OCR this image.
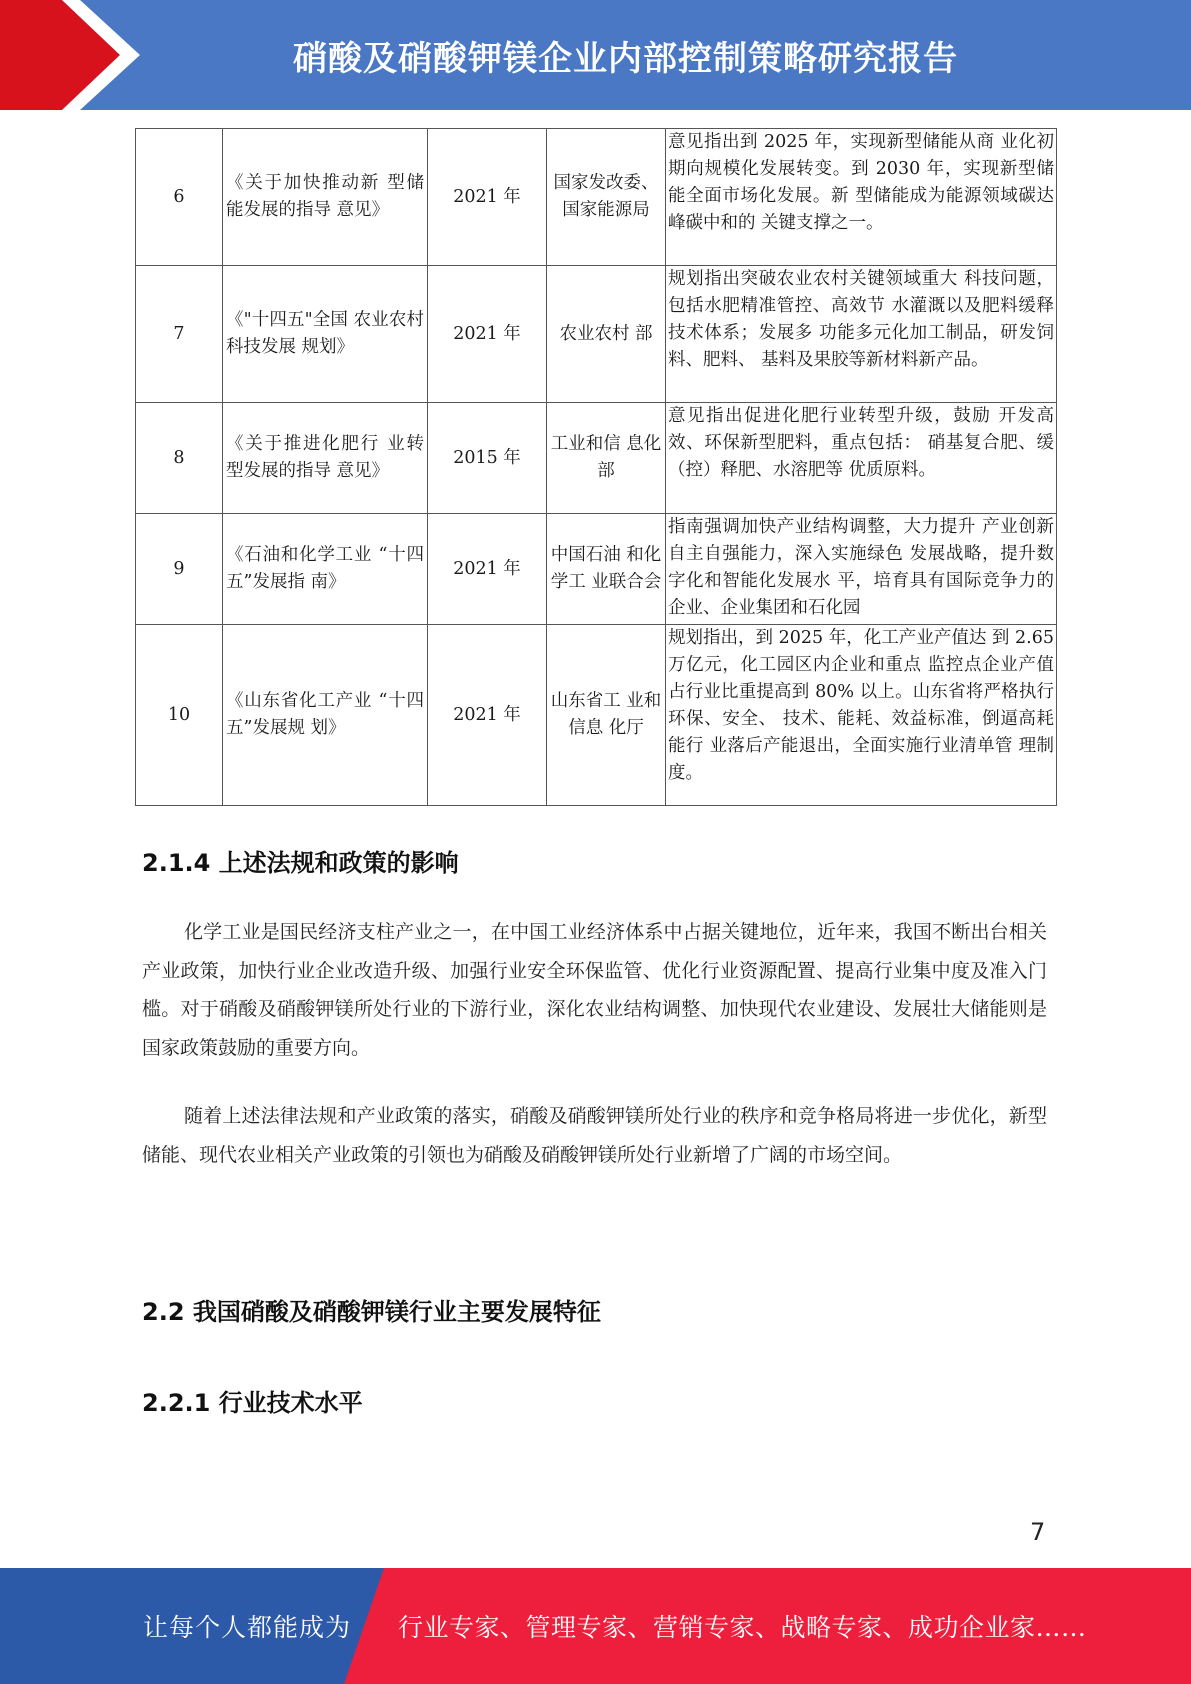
硝酸及硝酸钾镁企业内部控制策略研究报告
6	《关于加快推动新 型储能发展的指导 意见》	2021 年	国家发改委、国家能源局	意见指出到 2025 年，实现新型储能从商 业化初期向规模化发展转变。到 2030 年，实现新型储能全面市场化发展。新 型储能成为能源领域碳达峰碳中和的 关键支撑之一。
7	《"十四五"全国 农业农村科技发展 规划》	2021 年	农业农村 部	规划指出突破农业农村关键领域重大 科技问题，包括水肥精准管控、高效节 水灌溉以及肥料缓释技术体系；发展多 功能多元化加工制品，研发饲料、肥料、 基料及果胶等新材料新产品。
8	《关于推进化肥行 业转型发展的指导 意见》	2015 年	工业和信 息化部	意见指出促进化肥行业转型升级，鼓励 开发高效、环保新型肥料，重点包括： 硝基复合肥、缓（控）释肥、水溶肥等 优质原料。
9	《石油和化学工业 “十四五”发展指 南》	2021 年	中国石油 和化学工 业联合会	指南强调加快产业结构调整，大力提升 产业创新自主自强能力，深入实施绿色 发展战略，提升数字化和智能化发展水 平，培育具有国际竞争力的企业、企业集团和石化园
10	《山东省化工产业 “十四五”发展规 划》	2021 年	山东省工 业和信息 化厅	规划指出，到 2025 年，化工产业产值达 到 2.65 万亿元，化工园区内企业和重点 监控点企业产值占行业比重提高到 80% 以上。山东省将严格执行环保、安全、 技术、能耗、效益标准，倒逼高耗能行 业落后产能退出，全面实施行业清单管 理制度。
2.1.4 上述法规和政策的影响

化学工业是国民经济支柱产业之一，在中国工业经济体系中占据关键地位，近年来，我国不断出台相关产业政策，加快行业企业改造升级、加强行业安全环保监管、优化行业资源配置、提高行业集中度及准入门槛。对于硝酸及硝酸钾镁所处行业的下游行业，深化农业结构调整、加快现代农业建设、发展壮大储能则是国家政策鼓励的重要方向。

随着上述法律法规和产业政策的落实，硝酸及硝酸钾镁所处行业的秩序和竞争格局将进一步优化，新型储能、现代农业相关产业政策的引领也为硝酸及硝酸钾镁所处行业新增了广阔的市场空间。

2.2 我国硝酸及硝酸钾镁行业主要发展特征
2.2.1 行业技术水平
7
让每个人都能成为 行业专家、管理专家、营销专家、战略专家、成功企业家……
